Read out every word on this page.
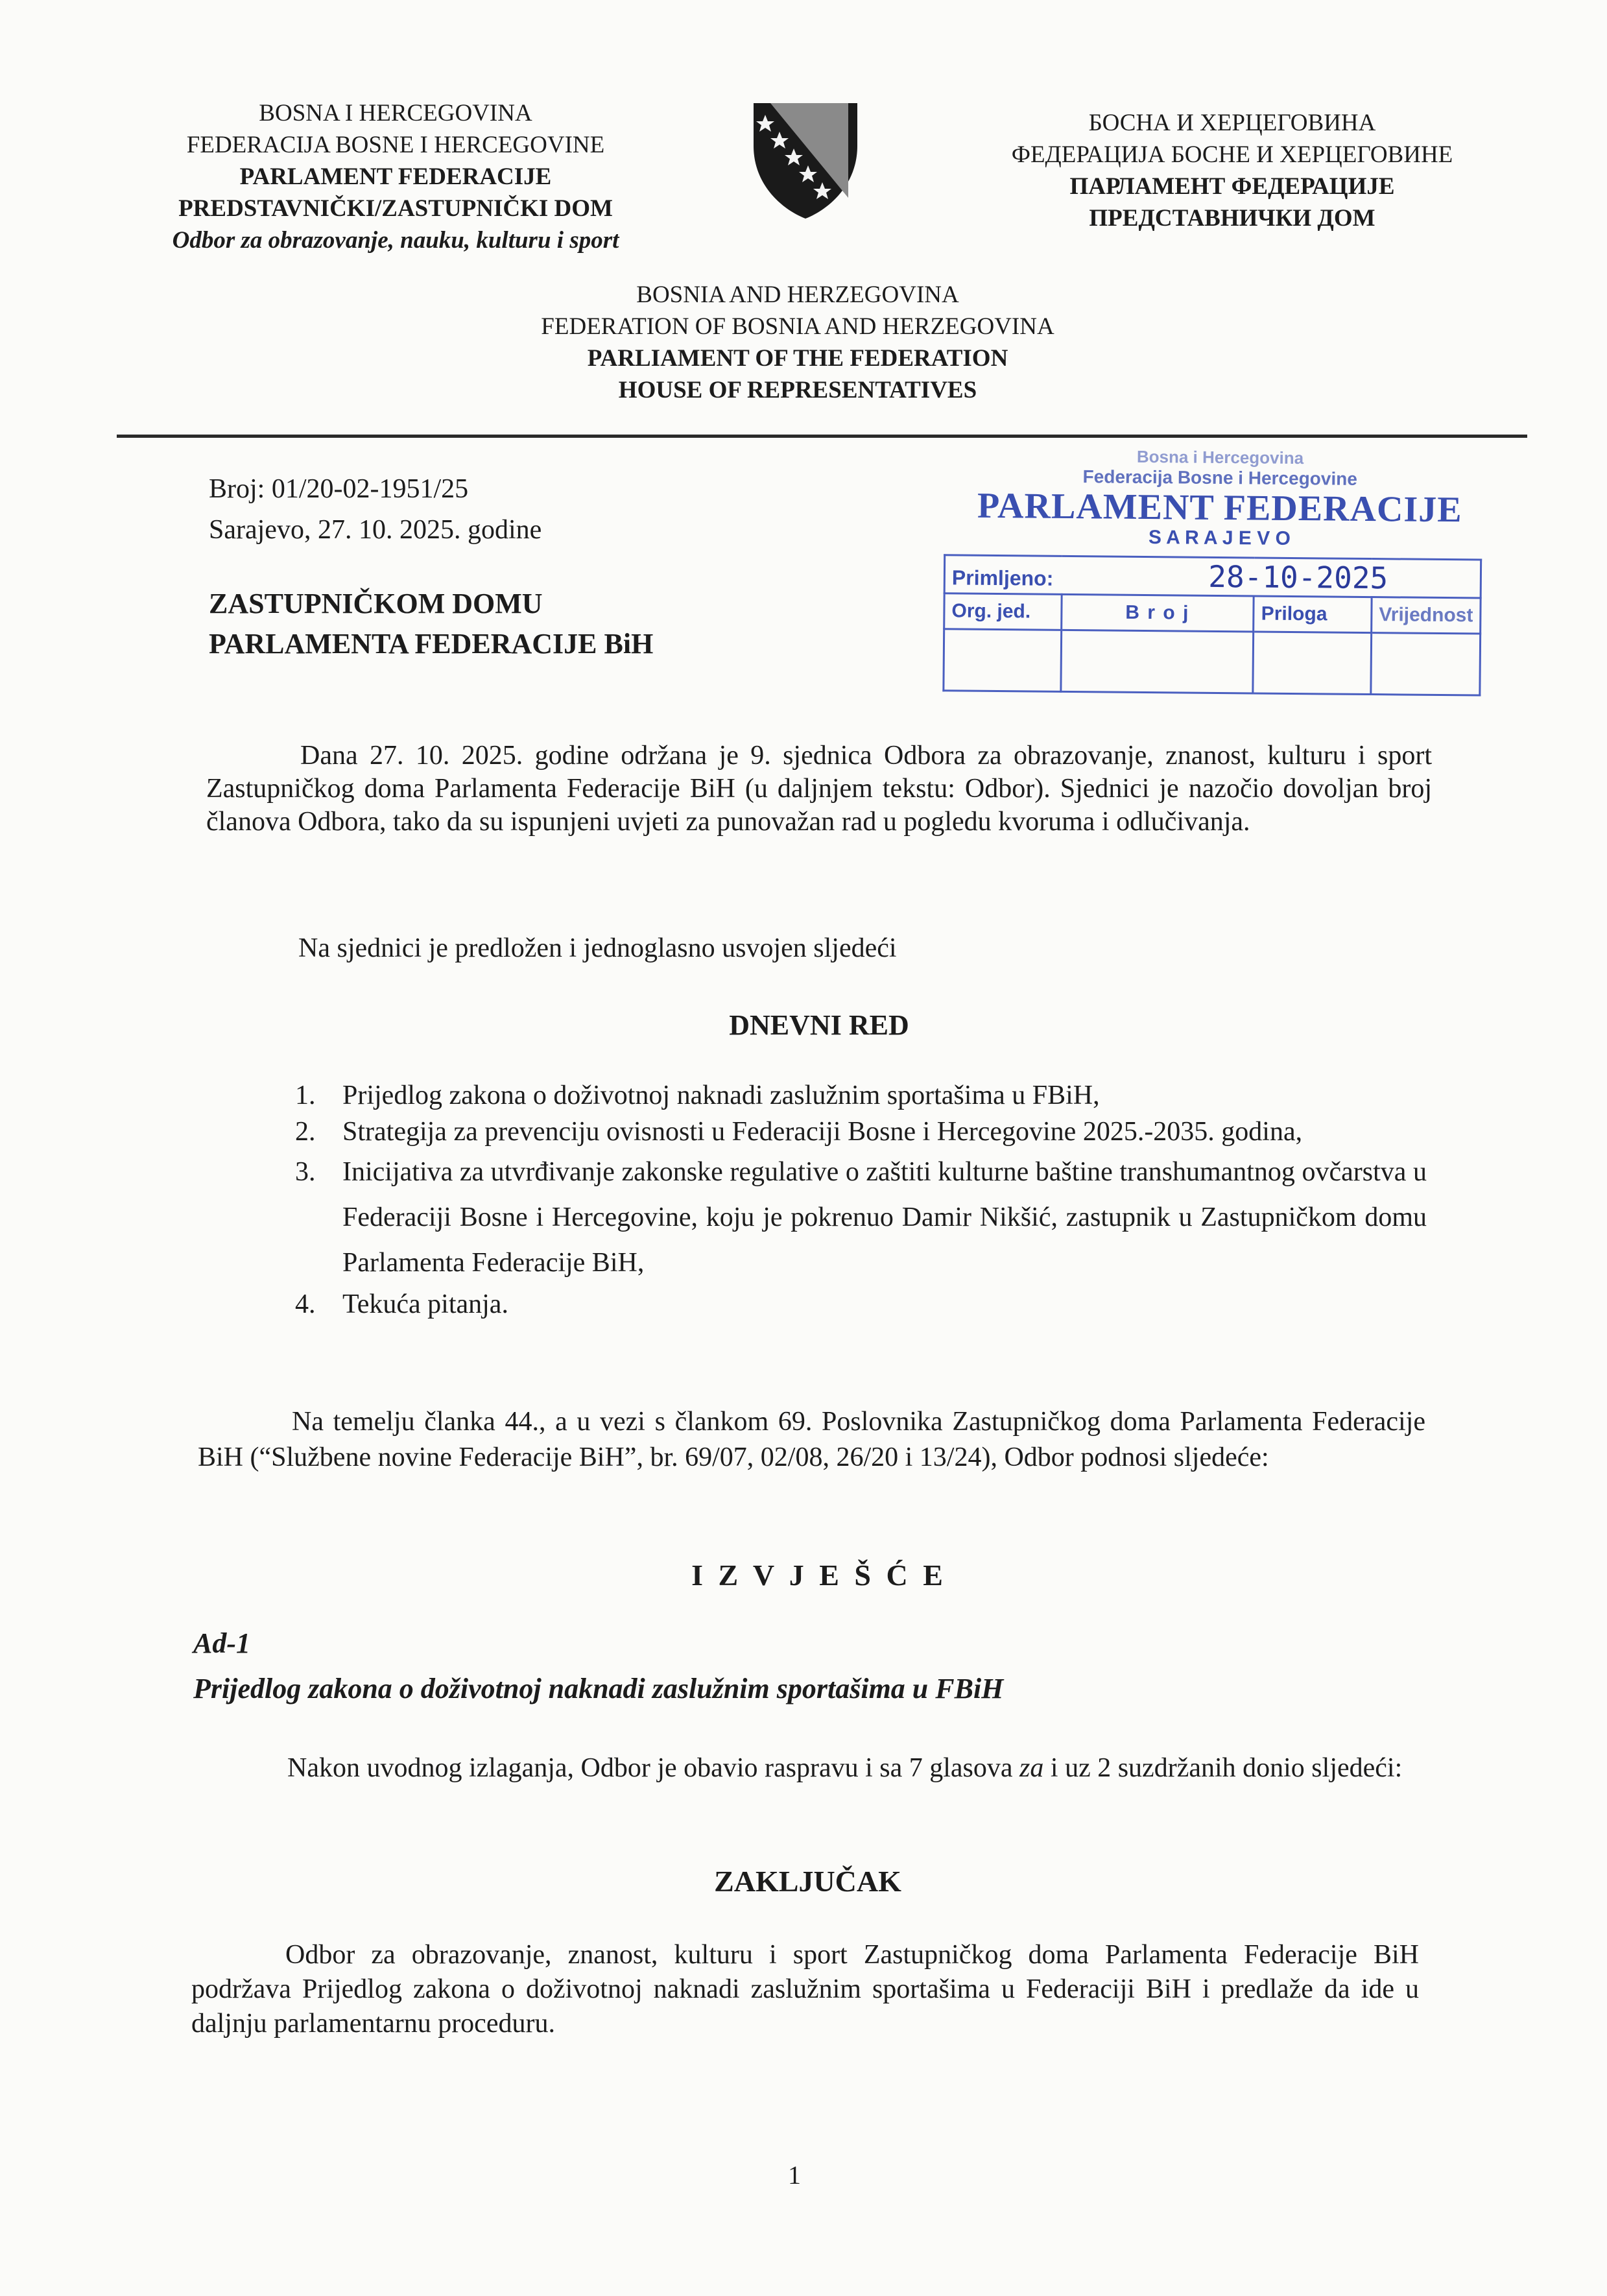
BOSNA I HERCEGOVINA
FEDERACIJA BOSNE I HERCEGOVINE
PARLAMENT FEDERACIJE
PREDSTAVNIČKI/ZASTUPNIČKI DOM
Odbor za obrazovanje, nauku, kulturu i sport
БОСНА И ХЕРЦЕГОВИНА
ФЕДЕРАЦИЈА БОСНЕ И ХЕРЦЕГОВИНЕ
ПАРЛАМЕНТ ФЕДЕРАЦИЈЕ
ПРЕДСТАВНИЧКИ ДОМ
BOSNIA AND HERZEGOVINA
FEDERATION OF BOSNIA AND HERZEGOVINA
PARLIAMENT OF THE FEDERATION
HOUSE OF REPRESENTATIVES
Broj: 01/20-02-1951/25
Sarajevo, 27. 10. 2025. godine
ZASTUPNIČKOM DOMU
PARLAMENTA FEDERACIJE BiH
Bosna i Hercegovina
Federacija Bosne i Hercegovine
PARLAMENT FEDERACIJE
S A R A J E V O
Primljeno: 28-10-2025			
Org. jed.	B r o j	Priloga	Vrijednost

Dana 27. 10. 2025. godine održana je 9. sjednica Odbora za obrazovanje, znanost, kulturu i sport Zastupničkog doma Parlamenta Federacije BiH (u daljnjem tekstu: Odbor). Sjednici je nazočio dovoljan broj članova Odbora, tako da su ispunjeni uvjeti za punovažan rad u pogledu kvoruma i odlučivanja.
Na sjednici je predložen i jednoglasno usvojen sljedeći
DNEVNI RED
1. Prijedlog zakona o doživotnoj naknadi zaslužnim sportašima u FBiH,
2. Strategija za prevenciju ovisnosti u Federaciji Bosne i Hercegovine 2025.-2035. godina,
3. Inicijativa za utvrđivanje zakonske regulative o zaštiti kulturne baštine transhumantnog ovčarstva u Federaciji Bosne i Hercegovine, koju je pokrenuo Damir Nikšić, zastupnik u Zastupničkom domu Parlamenta Federacije BiH,
4. Tekuća pitanja.
Na temelju članka 44., a u vezi s člankom 69. Poslovnika Zastupničkog doma Parlamenta Federacije BiH (“Službene novine Federacije BiH”, br. 69/07, 02/08, 26/20 i 13/24), Odbor podnosi sljedeće:
I Z V J E Š Ć E
Ad-1
Prijedlog zakona o doživotnoj naknadi zaslužnim sportašima u FBiH
Nakon uvodnog izlaganja, Odbor je obavio raspravu i sa 7 glasova za i uz 2 suzdržanih donio sljedeći:
ZAKLJUČAK
Odbor za obrazovanje, znanost, kulturu i sport Zastupničkog doma Parlamenta Federacije BiH podržava Prijedlog zakona o doživotnoj naknadi zaslužnim sportašima u Federaciji BiH i predlaže da ide u daljnju parlamentarnu proceduru.
1
